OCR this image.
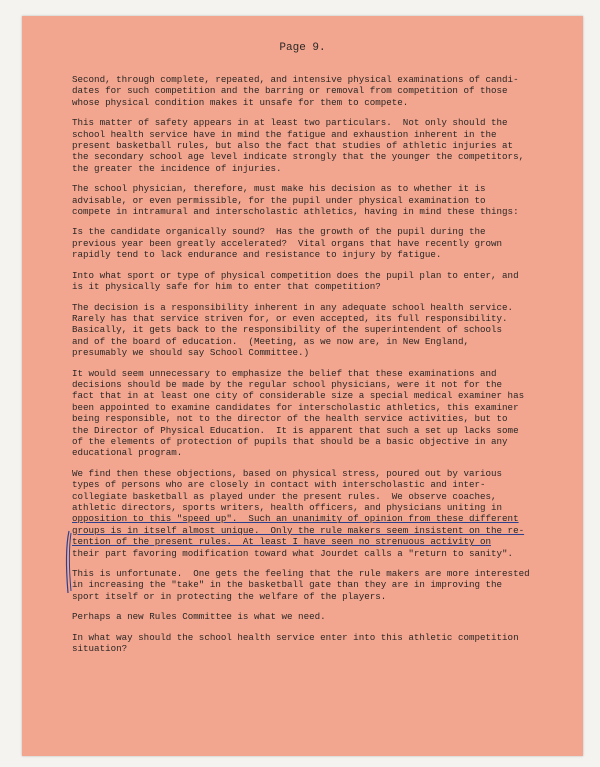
Page 9.
Second, through complete, repeated, and intensive physical examinations of candi-
dates for such competition and the barring or removal from competition of those
whose physical condition makes it unsafe for them to compete.
This matter of safety appears in at least two particulars.  Not only should the
school health service have in mind the fatigue and exhaustion inherent in the
present basketball rules, but also the fact that studies of athletic injuries at
the secondary school age level indicate strongly that the younger the competitors,
the greater the incidence of injuries.
The school physician, therefore, must make his decision as to whether it is
advisable, or even permissible, for the pupil under physical examination to
compete in intramural and interscholastic athletics, having in mind these things:
Is the candidate organically sound?  Has the growth of the pupil during the
previous year been greatly accelerated?  Vital organs that have recently grown
rapidly tend to lack endurance and resistance to injury by fatigue.
Into what sport or type of physical competition does the pupil plan to enter, and
is it physically safe for him to enter that competition?
The decision is a responsibility inherent in any adequate school health service.
Rarely has that service striven for, or even accepted, its full responsibility.
Basically, it gets back to the responsibility of the superintendent of schools
and of the board of education.  (Meeting, as we now are, in New England,
presumably we should say School Committee.)
It would seem unnecessary to emphasize the belief that these examinations and
decisions should be made by the regular school physicians, were it not for the
fact that in at least one city of considerable size a special medical examiner has
been appointed to examine candidates for interscholastic athletics, this examiner
being responsible, not to the director of the health service activities, but to
the Director of Physical Education.  It is apparent that such a set up lacks some
of the elements of protection of pupils that should be a basic objective in any
educational program.
We find then these objections, based on physical stress, poured out by various
types of persons who are closely in contact with interscholastic and inter-
collegiate basketball as played under the present rules.  We observe coaches,
athletic directors, sports writers, health officers, and physicians uniting in
opposition to this "speed up".  Such an unanimity of opinion from these different
groups is in itself almost unique.  Only the rule makers seem insistent on the re-
tention of the present rules.  At least I have seen no strenuous activity on
their part favoring modification toward what Jourdet calls a "return to sanity".
This is unfortunate.  One gets the feeling that the rule makers are more interested
in increasing the "take" in the basketball gate than they are in improving the
sport itself or in protecting the welfare of the players.
Perhaps a new Rules Committee is what we need.
In what way should the school health service enter into this athletic competition
situation?
